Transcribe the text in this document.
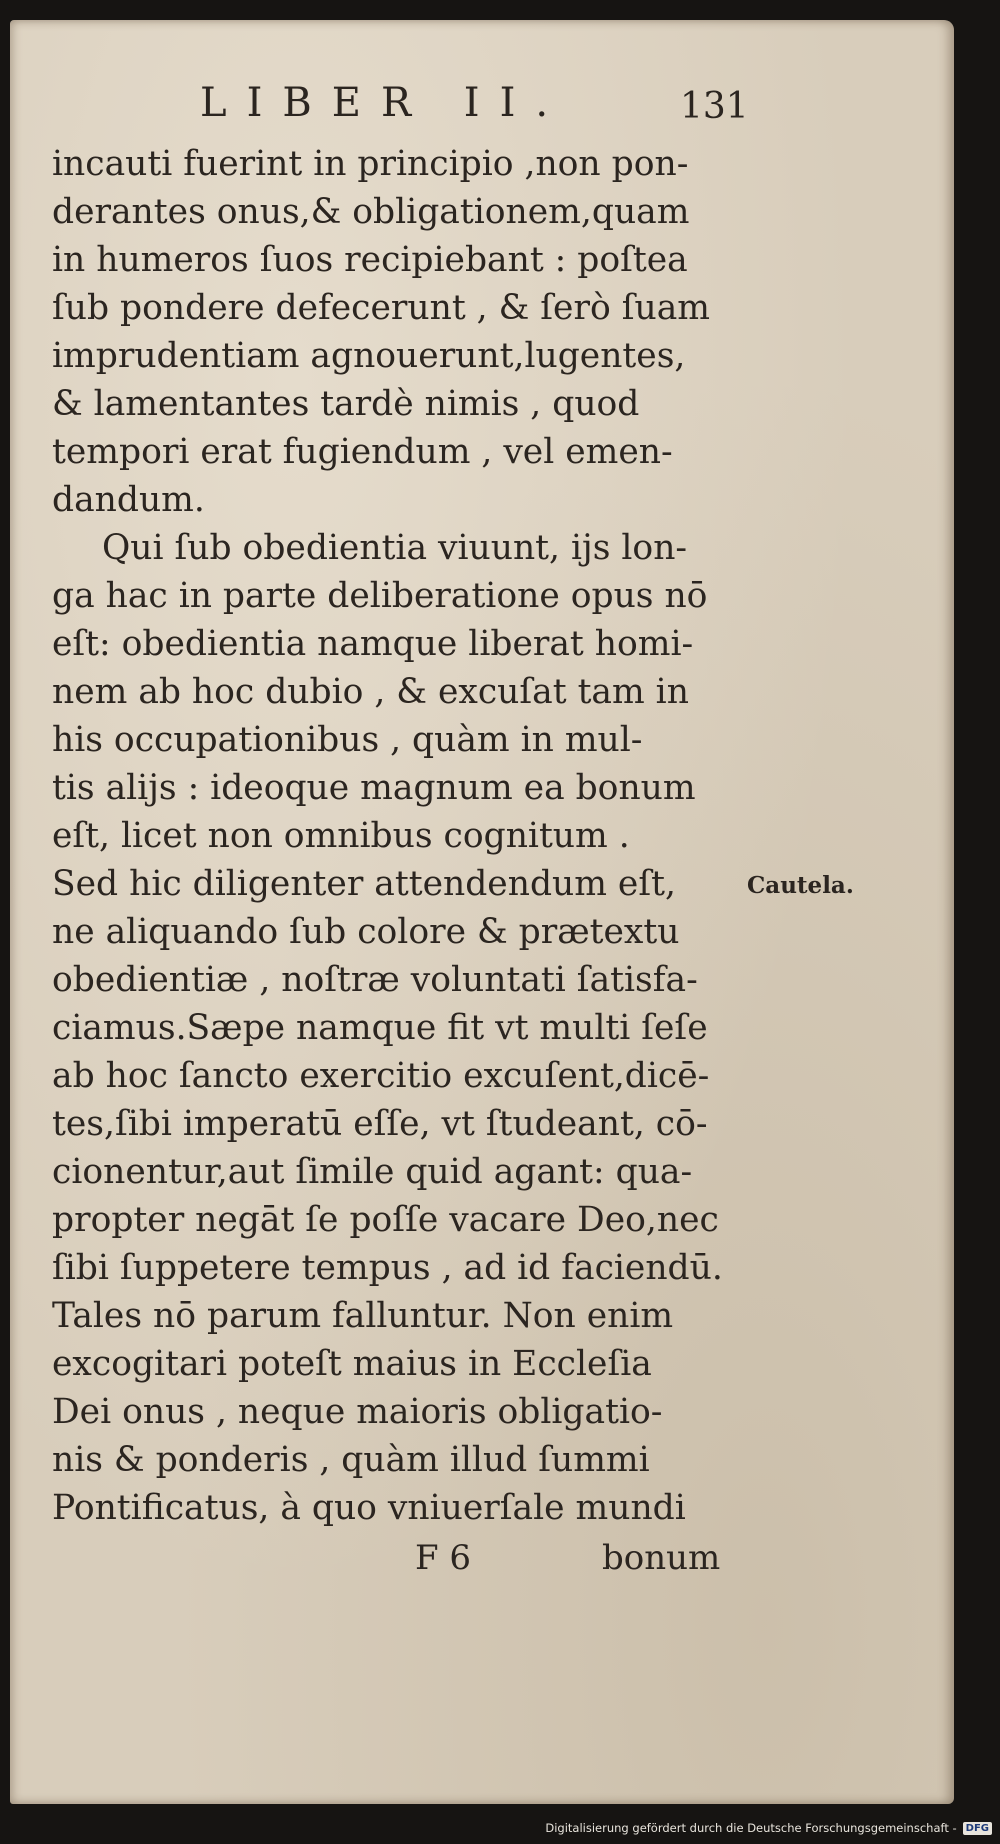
LIBER II.	131
incauti fuerint in principio ,non pon-
derantes onus,& obligationem,quam
in humeros ſuos recipiebant : poſtea
ſub pondere defecerunt , & ſerò ſuam
imprudentiam agnouerunt,lugentes,
& lamentantes tardè nimis , quod
tempori erat fugiendum , vel emen-
dandum.
Qui ſub obedientia viuunt, ijs lon-
ga hac in parte deliberatione opus nō
eſt: obedientia namque liberat homi-
nem ab hoc dubio , & excuſat tam in
his occupationibus , quàm in mul-
tis alijs : ideoque magnum ea bonum
eſt, licet non omnibus cognitum .
Sed hic diligenter attendendum eſt,
ne aliquando ſub colore & prætextu
obedientiæ , noſtræ voluntati ſatisfa-
ciamus.Sæpe namque fit vt multi ſeſe
ab hoc ſancto exercitio excuſent,dicē-
tes,ſibi imperatū eſſe, vt ſtudeant, cō-
cionentur,aut ſimile quid agant: qua-
propter negāt ſe poſſe vacare Deo,nec
ſibi ſuppetere tempus , ad id faciendū.
Tales nō parum falluntur. Non enim
excogitari poteſt maius in Eccleſia
Dei onus , neque maioris obligatio-
nis & ponderis , quàm illud ſummi
Pontificatus, à quo vniuerſale mundi
Cautela.
F 6	bonum
Digitalisierung gefördert durch die Deutsche Forschungsgemeinschaft - DFG
